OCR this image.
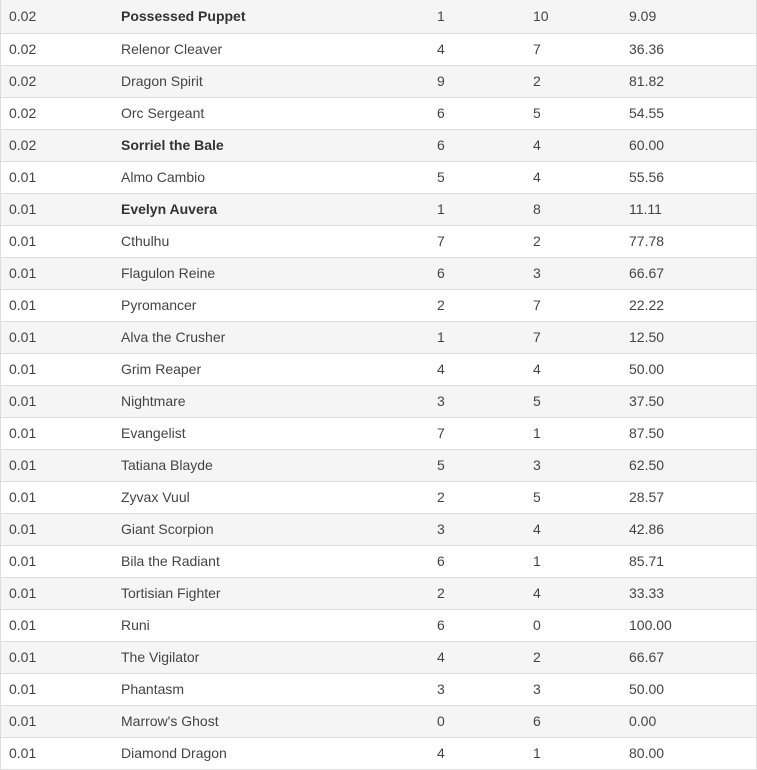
0.02	Possessed Puppet	1	10	9.09
0.02	Relenor Cleaver	4	7	36.36
0.02	Dragon Spirit	9	2	81.82
0.02	Orc Sergeant	6	5	54.55
0.02	Sorriel the Bale	6	4	60.00
0.01	Almo Cambio	5	4	55.56
0.01	Evelyn Auvera	1	8	11.11
0.01	Cthulhu	7	2	77.78
0.01	Flagulon Reine	6	3	66.67
0.01	Pyromancer	2	7	22.22
0.01	Alva the Crusher	1	7	12.50
0.01	Grim Reaper	4	4	50.00
0.01	Nightmare	3	5	37.50
0.01	Evangelist	7	1	87.50
0.01	Tatiana Blayde	5	3	62.50
0.01	Zyvax Vuul	2	5	28.57
0.01	Giant Scorpion	3	4	42.86
0.01	Bila the Radiant	6	1	85.71
0.01	Tortisian Fighter	2	4	33.33
0.01	Runi	6	0	100.00
0.01	The Vigilator	4	2	66.67
0.01	Phantasm	3	3	50.00
0.01	Marrow's Ghost	0	6	0.00
0.01	Diamond Dragon	4	1	80.00
